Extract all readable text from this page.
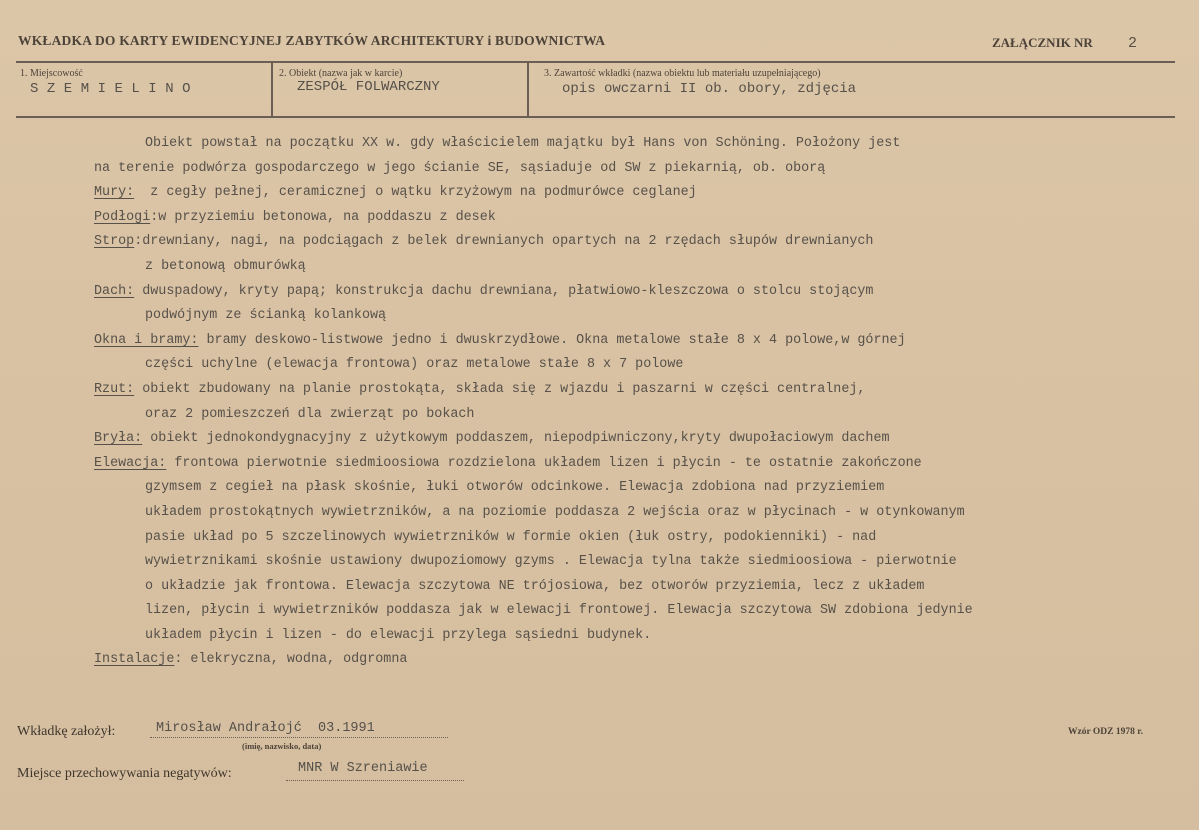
WKŁADKA DO KARTY EWIDENCYJNEJ ZABYTKÓW ARCHITEKTURY i BUDOWNICTWA	ZAŁĄCZNIK NR 2
1. Miejscowość
SZEMIELINO
2. Obiekt (nazwa jak w karcie)
ZESPÓŁ FOLWARCZNY
3. Zawartość wkładki (nazwa obiektu lub materiału uzupełniającego)
opis owczarni II ob. obory, zdjęcia

Obiekt powstał na początku XX w. gdy właścicielem majątku był Hans von Schöning. Położony jest

na terenie podwórza gospodarczego w jego ścianie SE, sąsiaduje od SW z piekarnią, ob. oborą

Mury:  z cegły pełnej, ceramicznej o wątku krzyżowym na podmurówce ceglanej

Podłogi:w przyziemiu betonowa, na poddaszu z desek

Strop:drewniany, nagi, na podciągach z belek drewnianych opartych na 2 rzędach słupów drewnianych

z betonową obmurówką

Dach: dwuspadowy, kryty papą; konstrukcja dachu drewniana, płatwiowo-kleszczowa o stolcu stojącym

podwójnym ze ścianką kolankową

Okna i bramy: bramy deskowo-listwowe jedno i dwuskrzydłowe. Okna metalowe stałe 8 x 4 polowe,w górnej

części uchylne (elewacja frontowa) oraz metalowe stałe 8 x 7 polowe

Rzut: obiekt zbudowany na planie prostokąta, składa się z wjazdu i paszarni w części centralnej,

oraz 2 pomieszczeń dla zwierząt po bokach

Bryła: obiekt jednokondygnacyjny z użytkowym poddaszem, niepodpiwniczony,kryty dwupołaciowym dachem

Elewacja: frontowa pierwotnie siedmioosiowa rozdzielona układem lizen i płycin - te ostatnie zakończone

gzymsem z cegieł na płask skośnie, łuki otworów odcinkowe. Elewacja zdobiona nad przyziemiem

układem prostokątnych wywietrzników, a na poziomie poddasza 2 wejścia oraz w płycinach - w otynkowanym

pasie układ po 5 szczelinowych wywietrzników w formie okien (łuk ostry, podokienniki) - nad

wywietrznikami skośnie ustawiony dwupoziomowy gzyms . Elewacja tylna także siedmioosiowa - pierwotnie

o układzie jak frontowa. Elewacja szczytowa NE trójosiowa, bez otworów przyziemia, lecz z układem

lizen, płycin i wywietrzników poddasza jak w elewacji frontowej. Elewacja szczytowa SW zdobiona jedynie

układem płycin i lizen - do elewacji przylega sąsiedni budynek.

Instalacje: elekryczna, wodna, odgromna

Wkładkę założył:	Mirosław Andrałojć  03.1991
(imię, nazwisko, data)
Miejsce przechowywania negatywów:	MNR W Szreniawie
Wzór ODZ 1978 r.
